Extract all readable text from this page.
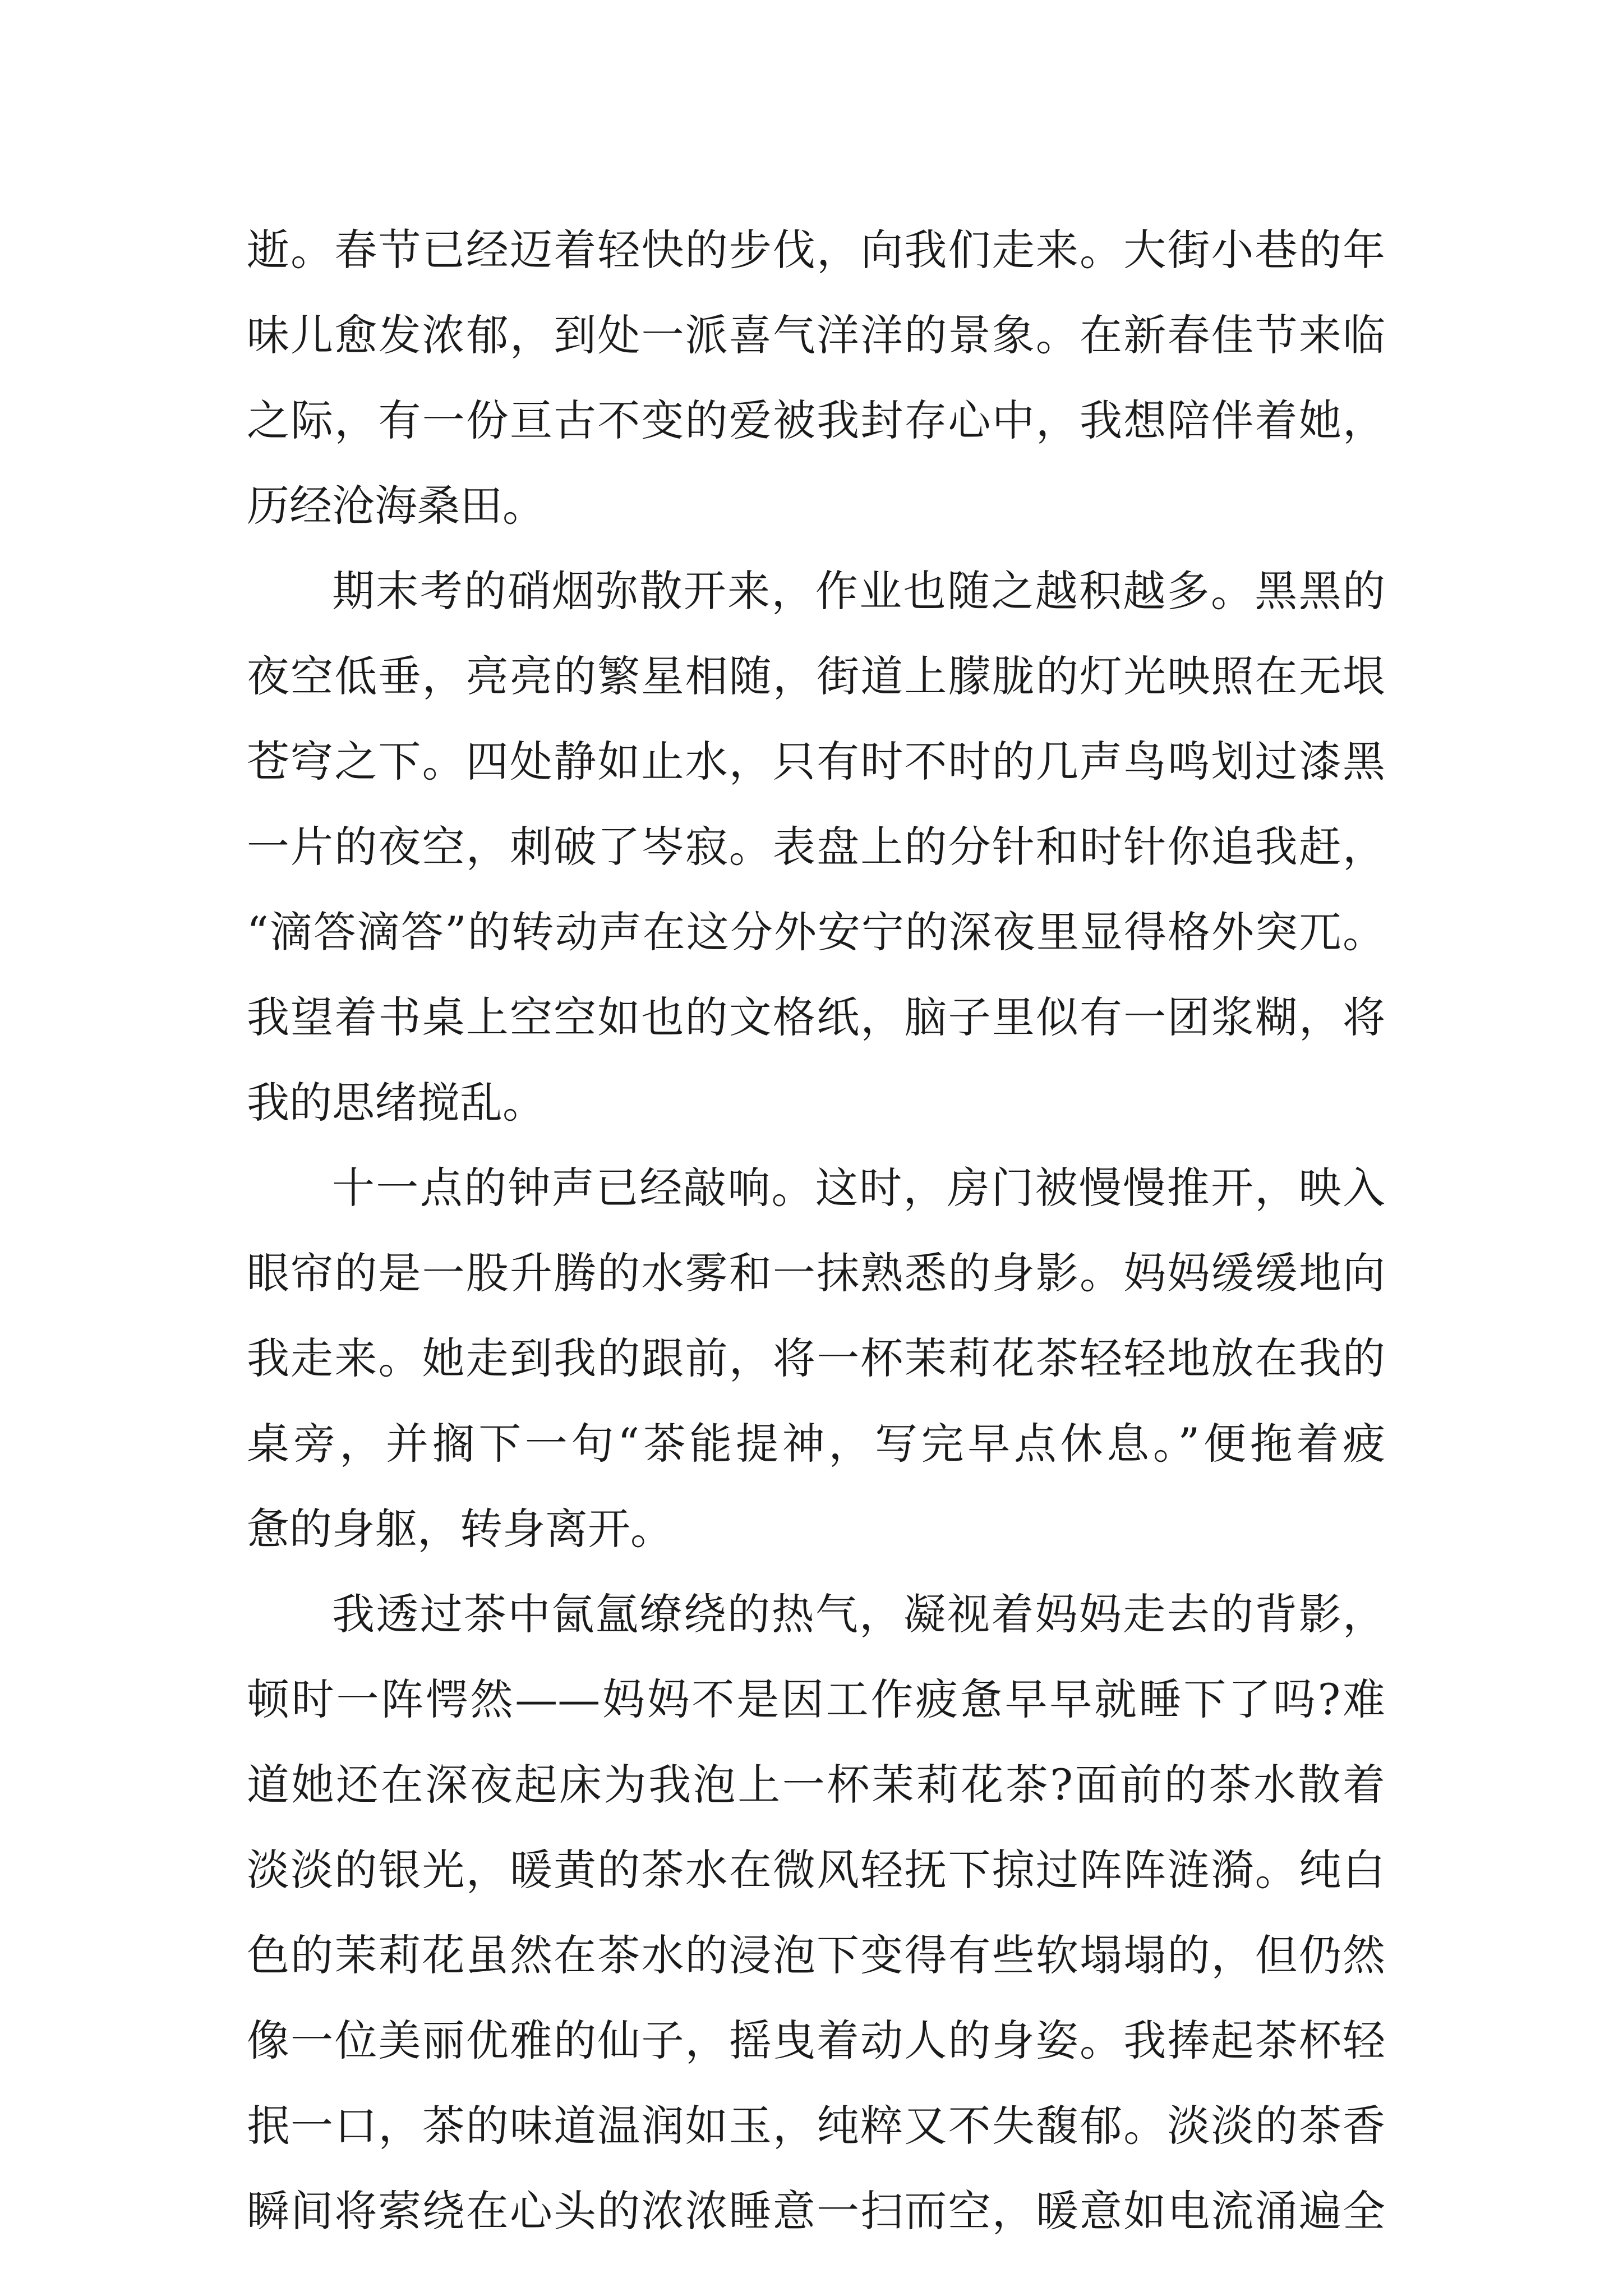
逝。春节已经迈着轻快的步伐，向我们走来。大街小巷的年
味儿愈发浓郁，到处一派喜气洋洋的景象。在新春佳节来临
之际，有一份亘古不变的爱被我封存心中，我想陪伴着她，
历经沧海桑田。
期末考的硝烟弥散开来，作业也随之越积越多。黑黑的
夜空低垂，亮亮的繁星相随，街道上朦胧的灯光映照在无垠
苍穹之下。四处静如止水，只有时不时的几声鸟鸣划过漆黑
一片的夜空，刺破了岑寂。表盘上的分针和时针你追我赶，
“滴答滴答”的转动声在这分外安宁的深夜里显得格外突兀。
我望着书桌上空空如也的文格纸，脑子里似有一团浆糊，将
我的思绪搅乱。
十一点的钟声已经敲响。这时，房门被慢慢推开，映入
眼帘的是一股升腾的水雾和一抹熟悉的身影。妈妈缓缓地向
我走来。她走到我的跟前，将一杯茉莉花茶轻轻地放在我的
桌旁，并搁下一句“茶能提神，写完早点休息。”便拖着疲
惫的身躯，转身离开。
我透过茶中氤氲缭绕的热气，凝视着妈妈走去的背影，
顿时一阵愕然——妈妈不是因工作疲惫早早就睡下了吗?难
道她还在深夜起床为我泡上一杯茉莉花茶?面前的茶水散着
淡淡的银光，暖黄的茶水在微风轻抚下掠过阵阵涟漪。纯白
色的茉莉花虽然在茶水的浸泡下变得有些软塌塌的，但仍然
像一位美丽优雅的仙子，摇曳着动人的身姿。我捧起茶杯轻
抿一口，茶的味道温润如玉，纯粹又不失馥郁。淡淡的茶香
瞬间将萦绕在心头的浓浓睡意一扫而空，暖意如电流涌遍全
